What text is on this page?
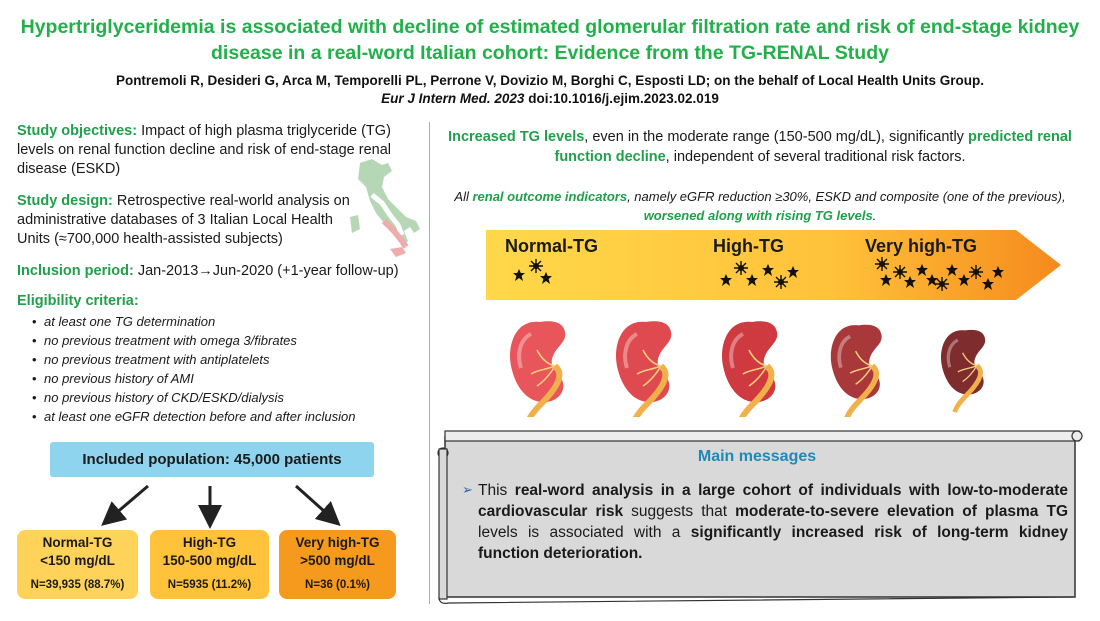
Hypertriglyceridemia is associated with decline of estimated glomerular filtration rate and risk of end-stage kidney disease in a real-word Italian cohort: Evidence from the TG-RENAL Study
Pontremoli R, Desideri G, Arca M, Temporelli PL, Perrone V, Dovizio M, Borghi C, Esposti LD; on the behalf of Local Health Units Group.
Eur J Intern Med. 2023 doi:10.1016/j.ejim.2023.02.019
Study objectives: Impact of high plasma triglyceride (TG) levels on renal function decline and risk of end-stage renal disease (ESKD)
Study design: Retrospective real-world analysis on administrative databases of 3 Italian Local Health Units (≈700,000 health-assisted subjects)
Inclusion period: Jan-2013→Jun-2020 (+1-year follow-up)
Eligibility criteria:
• at least one TG determination
• no previous treatment with omega 3/fibrates
• no previous treatment with antiplatelets
• no previous history of AMI
• no previous history of CKD/ESKD/dialysis
• at least one eGFR detection before and after inclusion
Included population: 45,000 patients
Normal-TG
<150 mg/dL
N=39,935 (88.7%)
High-TG
150-500 mg/dL
N=5935 (11.2%)
Very high-TG
>500 mg/dL
N=36 (0.1%)
Increased TG levels, even in the moderate range (150-500 mg/dL), significantly predicted renal function decline, independent of several traditional risk factors.
All renal outcome indicators, namely eGFR reduction ≥30%, ESKD and composite (one of the previous), worsened along with rising TG levels.
Normal-TG	High-TG	Very high-TG
Main messages
➢ This real-word analysis in a large cohort of individuals with low-to-moderate cardiovascular risk suggests that moderate-to-severe elevation of plasma TG levels is associated with a significantly increased risk of long-term kidney function deterioration.
